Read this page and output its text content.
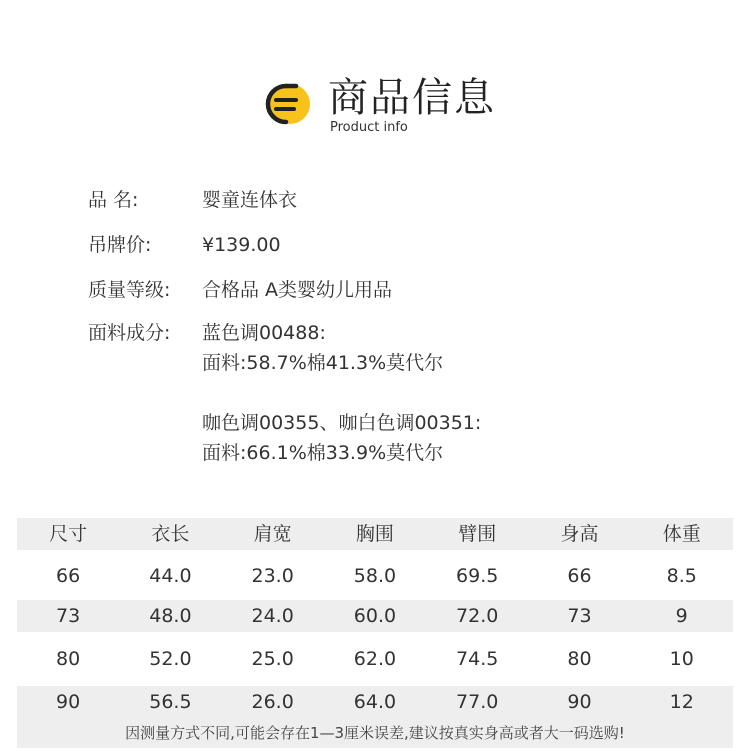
商品信息
Product info
品 名:	婴童连体衣
吊牌价:	¥139.00
质量等级:	合格品 A类婴幼儿用品
面料成分:	蓝色调00488:
面料:58.7%棉41.3%莫代尔
咖色调00355、咖白色调00351:
面料:66.1%棉33.9%莫代尔
尺寸	衣长	肩宽	胸围	臂围	身高	体重
66	44.0	23.0	58.0	69.5	66	8.5
73	48.0	24.0	60.0	72.0	73	9
80	52.0	25.0	62.0	74.5	80	10
90	56.5	26.0	64.0	77.0	90	12
因测量方式不同,可能会存在1—3厘米误差,建议按真实身高或者大一码选购!
